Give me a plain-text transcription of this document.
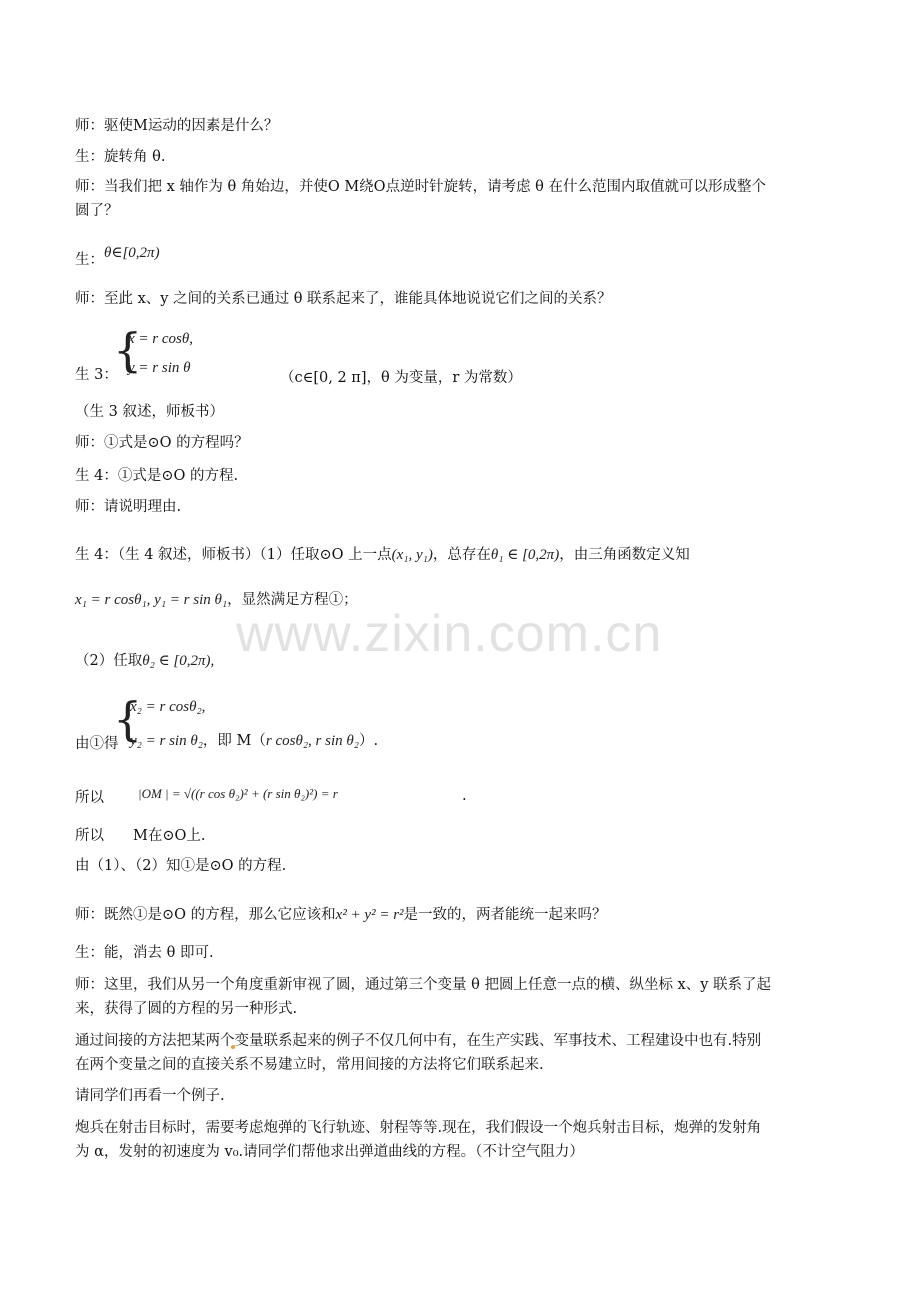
www.zixin.com.cn
师：驱使M运动的因素是什么？
生：旋转角 θ.
师：当我们把 x 轴作为 θ 角始边，并使O M绕O点逆时针旋转，请考虑 θ 在什么范围内取值就可以形成整个
圆了？
生： θ∈[0,2π)
师：至此 x、y 之间的关系已通过 θ 联系起来了，谁能具体地说说它们之间的关系？
生 3：
{
x = r cosθ,
y = r sin θ
（c∈[0, 2 π]，θ 为变量，r 为常数）
（生 3 叙述，师板书）
师：①式是⊙O 的方程吗？
生 4：①式是⊙O 的方程.
师：请说明理由.
生 4：（生 4 叙述，师板书）（1）任取⊙O 上一点(x₁, y₁)，总存在θ₁ ∈ [0,2π)，由三角函数定义知
x₁ = r cosθ₁, y₁ = r sin θ₁，显然满足方程①；
（2）任取θ₂ ∈ [0,2π),
由①得
{
x₂ = r cosθ₂,
y₂ = r sin θ₂，即 M（r cosθ₂, r sin θ₂）.
所以	|OM | = √((r cos θ₂)² + (r sin θ₂)²) = r	.
所以　　M在⊙O上.
由（1）、（2）知①是⊙O 的方程.
师：既然①是⊙O 的方程，那么它应该和x² + y² = r²是一致的，两者能统一起来吗？
生：能，消去 θ 即可.
师：这里，我们从另一个角度重新审视了圆，通过第三个变量 θ 把圆上任意一点的横、纵坐标 x、y 联系了起
来，获得了圆的方程的另一种形式.
通过间接的方法把某两个变量联系起来的例子不仅几何中有，在生产实践、军事技术、工程建设中也有.特别
在两个变量之间的直接关系不易建立时，常用间接的方法将它们联系起来.
请同学们再看一个例子.
炮兵在射击目标时，需要考虑炮弹的飞行轨迹、射程等等.现在，我们假设一个炮兵射击目标，炮弹的发射角
为 α，发射的初速度为 v₀.请同学们帮他求出弹道曲线的方程。（不计空气阻力）
